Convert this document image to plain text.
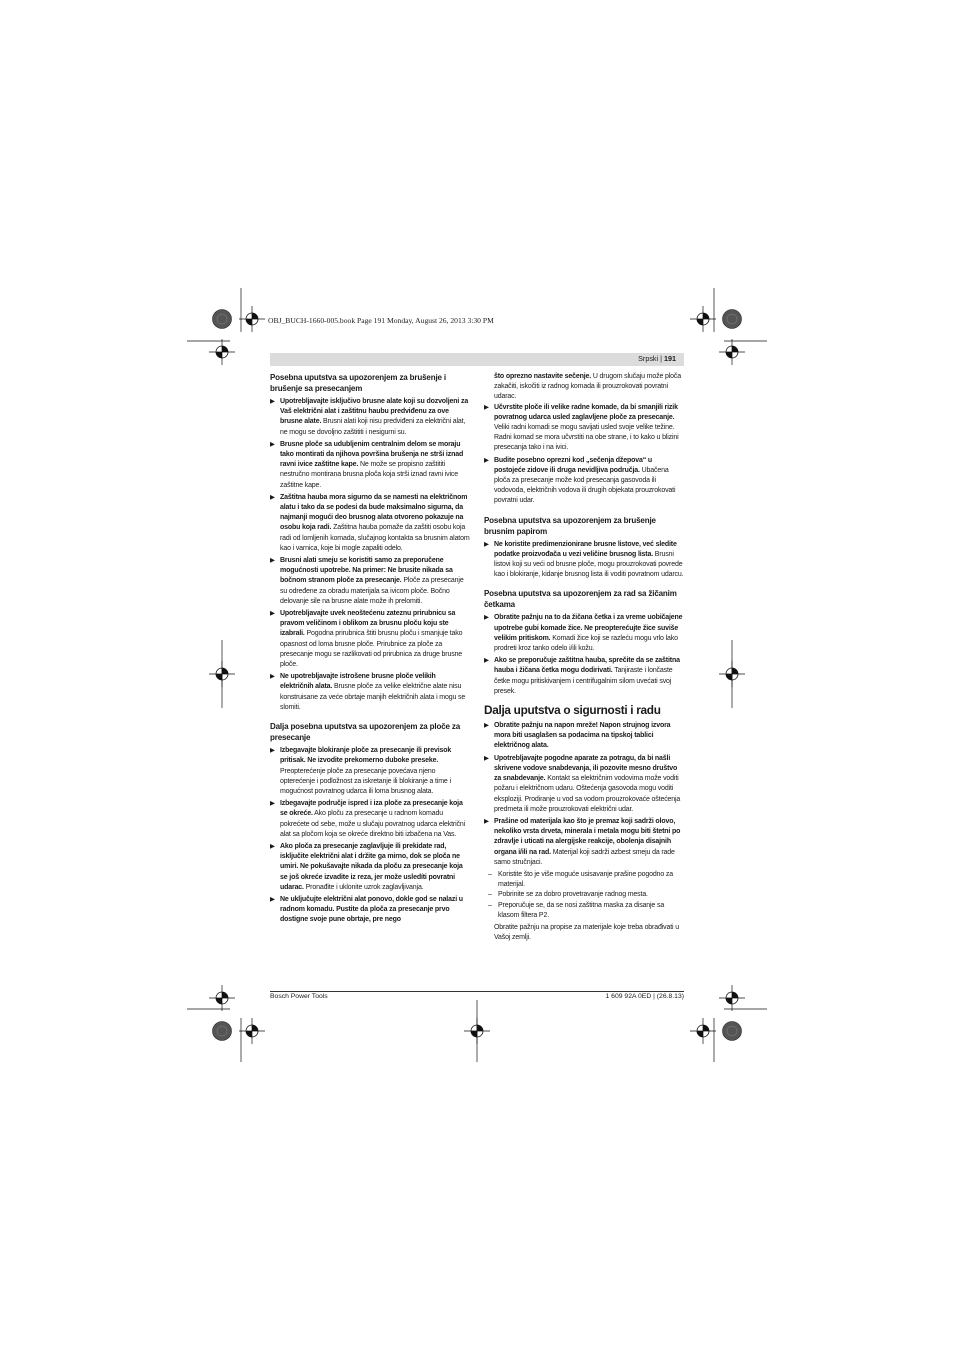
OBJ_BUCH-1660-005.book Page 191 Monday, August 26, 2013 3:30 PM
Srpski | 191
Posebna uputstva sa upozorenjem za brušenje i brušenje sa presecanjem
▶ Upotrebljavajte isključivo brusne alate koji su dozvoljeni za Vaš električni alat i zaštitnu haubu predviđenu za ove brusne alate. Brusni alati koji nisu predviđeni za električni alat, ne mogu se dovoljno zaštititi i nesigurni su.
▶ Brusne ploče sa udubljenim centralnim delom se moraju tako montirati da njihova površina brušenja ne strši iznad ravni ivice zaštitne kape. Ne može se propisno zaštititi nestručno montirana brusna ploča koja strši iznad ravni ivice zaštitne kape.
▶ Zaštitna hauba mora sigurno da se namesti na električnom alatu i tako da se podesi da bude maksimalno sigurna, da najmanji mogući deo brusnog alata otvoreno pokazuje na osobu koja radi. Zaštitna hauba pomaže da zaštiti osobu koja radi od lomljenih komada, slučajnog kontakta sa brusnim alatom kao i varnica, koje bi mogle zapaliti odelo.
▶ Brusni alati smeju se koristiti samo za preporučene mogućnosti upotrebe. Na primer: Ne brusite nikada sa bočnom stranom ploče za presecanje. Ploče za presecanje su određene za obradu materijala sa ivicom ploče. Bočno delovanje sile na brusne alate može ih prelomiti.
▶ Upotrebljavajte uvek neoštećenu zateznu prirubnicu sa pravom veličinom i oblikom za brusnu ploču koju ste izabrali. Pogodna prirubnica štiti brusnu ploču i smanjuje tako opasnost od loma brusne ploče. Prirubnice za ploče za presecanje mogu se razlikovati od prirubnica za druge brusne ploče.
▶ Ne upotrebljavajte istrošene brusne ploče velikih električnih alata. Brusne ploče za velike električne alate nisu konstruisane za veće obrtaje manjih električnih alata i mogu se slomiti.
Dalja posebna uputstva sa upozorenjem za ploče za presecanje
▶ Izbegavajte blokiranje ploče za presecanje ili previsok pritisak. Ne izvodite prekomerno duboke preseke. Preopterećenje ploče za presecanje povećava njeno opterećenje i podložnost za iskretanje ili blokiranje a time i mogućnost povratnog udarca ili loma brusnog alata.
▶ Izbegavajte područje ispred i iza ploče za presecanje koja se okreće. Ako ploču za presecanje u radnom komadu pokrećete od sebe, može u slučaju povratnog udarca električni alat sa pločom koja se okreće direktno biti izbačena na Vas.
▶ Ako ploča za presecanje zaglavljuje ili prekidate rad, isključite električni alat i držite ga mirno, dok se ploča ne umiri. Ne pokušavajte nikada da ploču za presecanje koja se još okreće izvadite iz reza, jer može usledíti povratni udarac. Pronađite i uklonite uzrok zaglavljivanja.
▶ Ne uključujte električni alat ponovo, dokle god se nalazi u radnom komadu. Pustite da ploča za presecanje prvo dostigne svoje pune obrtaje, pre nego
što oprezno nastavite sečenje. U drugom slučaju može ploča zakačiti, iskočiti iz radnog komada ili prouzrokovati povratni udarac.
▶ Učvrstite ploče ili velike radne komade, da bi smanjili rizik povratnog udarca usled zaglavljene ploče za presecanje. Veliki radni komadi se mogu savijati usled svoje velike težine. Radni komad se mora učvrstiti na obe strane, i to kako u blizini presecanja tako i na ivici.
▶ Budite posebno oprezni kod „sečenja džepova“ u postojeće zidove ili druga nevidljiva područja. Ubačena ploča za presecanje može kod presecanja gasovoda ili vodovoda, električnih vodova ili drugih objekata prouzrokovati povratni udar.
Posebna uputstva sa upozorenjem za brušenje brusnim papirom
▶ Ne koristite predimenzionirane brusne listove, već sledite podatke proizvođača u vezi veličine brusnog lista. Brusni listovi koji su veći od brusne ploče, mogu prouzrokovati povrede kao i blokiranje, kidanje brusnog lista ili voditi povratnom udarcu.
Posebna uputstva sa upozorenjem za rad sa žičanim četkama
▶ Obratite pažnju na to da žičana četka i za vreme uobičajene upotrebe gubi komade žice. Ne preopterećujte žice suviše velikim pritiskom. Komadi žice koji se razleću mogu vrlo lako prodreti kroz tanko odelo i/ili kožu.
▶ Ako se preporučuje zaštitna hauba, sprečite da se zaštitna hauba i žičana četka mogu dodirivati. Tanjiraste i lončaste četke mogu pritiskivanjem i centrifugalnim silom uvećati svoj presek.
Dalja uputstva o sigurnosti i radu
▶ Obratite pažnju na napon mreže! Napon strujnog izvora mora biti usaglašen sa podacima na tipskoj tablici električnog alata.
▶ Upotrebljavajte pogodne aparate za potragu, da bi našli skrivene vodove snabdevanja, ili pozovite mesno društvo za snabdevanje. Kontakt sa električnim vodovima može voditi požaru i električnom udaru. Oštećenja gasovoda mogu voditi eksploziji. Prodiranje u vod sa vodom prouzrokovaće oštećenja predmeta ili može prouzrokovati električni udar.
▶ Prašine od materijala kao što je premaz koji sadrži olovo, nekoliko vrsta drveta, minerala i metala mogu biti štetni po zdravlje i uticati na alergijske reakcije, obolenja disajnih organa i/ili na rad. Materijal koji sadrži azbest smeju da rade samo stručnjaci.
– Koristite što je više moguće usisavanje prašine pogodno za materijal.
– Pobrinite se za dobro provetravanje radnog mesta.
– Preporučuje se, da se nosi zaštitna maska za disanje sa klasom filtera P2.
Obratite pažnju na propise za materijale koje treba obrađivati u Vašoj zemlji.
Bosch Power Tools	1 609 92A 0ED | (26.8.13)
